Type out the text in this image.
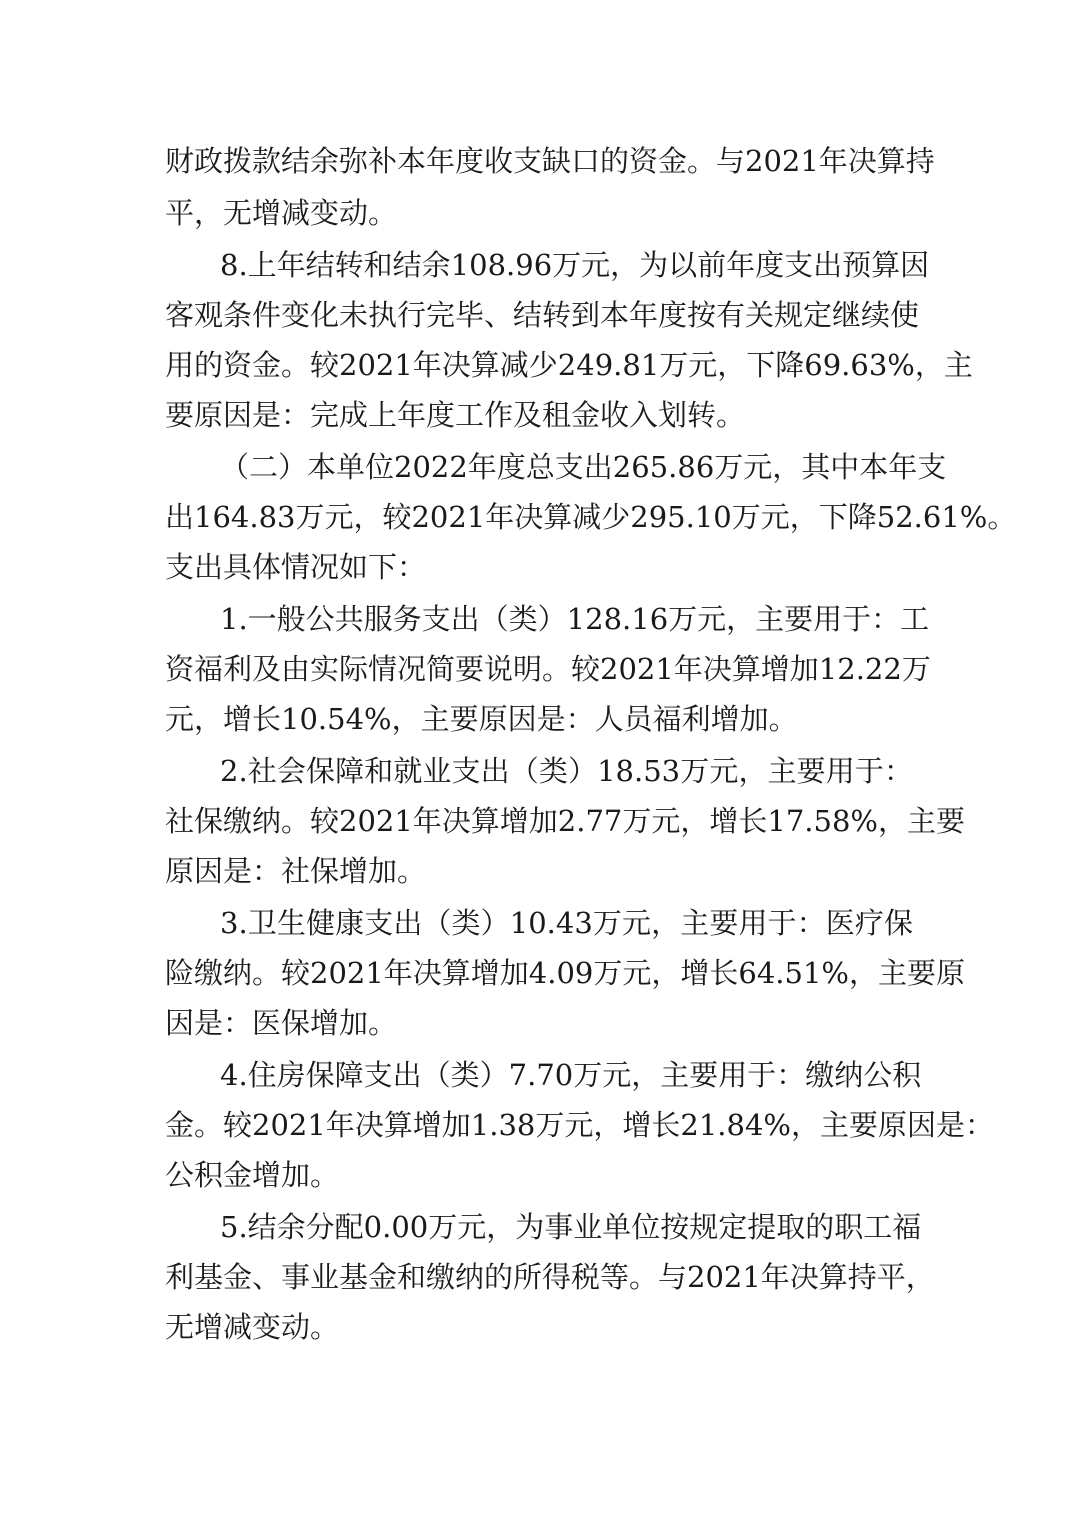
财政拨款结余弥补本年度收支缺口的资金。与2021年决算持
平，无增减变动。
8.上年结转和结余108.96万元，为以前年度支出预算因
客观条件变化未执行完毕、结转到本年度按有关规定继续使
用的资金。较2021年决算减少249.81万元，下降69.63%，主
要原因是：完成上年度工作及租金收入划转。
（二）本单位2022年度总支出265.86万元，其中本年支
出164.83万元，较2021年决算减少295.10万元，下降52.61%。
支出具体情况如下：
1.一般公共服务支出（类）128.16万元，主要用于：工
资福利及由实际情况简要说明。较2021年决算增加12.22万
元，增长10.54%，主要原因是：人员福利增加。
2.社会保障和就业支出（类）18.53万元，主要用于：
社保缴纳。较2021年决算增加2.77万元，增长17.58%，主要
原因是：社保增加。
3.卫生健康支出（类）10.43万元，主要用于：医疗保
险缴纳。较2021年决算增加4.09万元，增长64.51%，主要原
因是：医保增加。
4.住房保障支出（类）7.70万元，主要用于：缴纳公积
金。较2021年决算增加1.38万元，增长21.84%，主要原因是：
公积金增加。
5.结余分配0.00万元，为事业单位按规定提取的职工福
利基金、事业基金和缴纳的所得税等。与2021年决算持平，
无增减变动。
